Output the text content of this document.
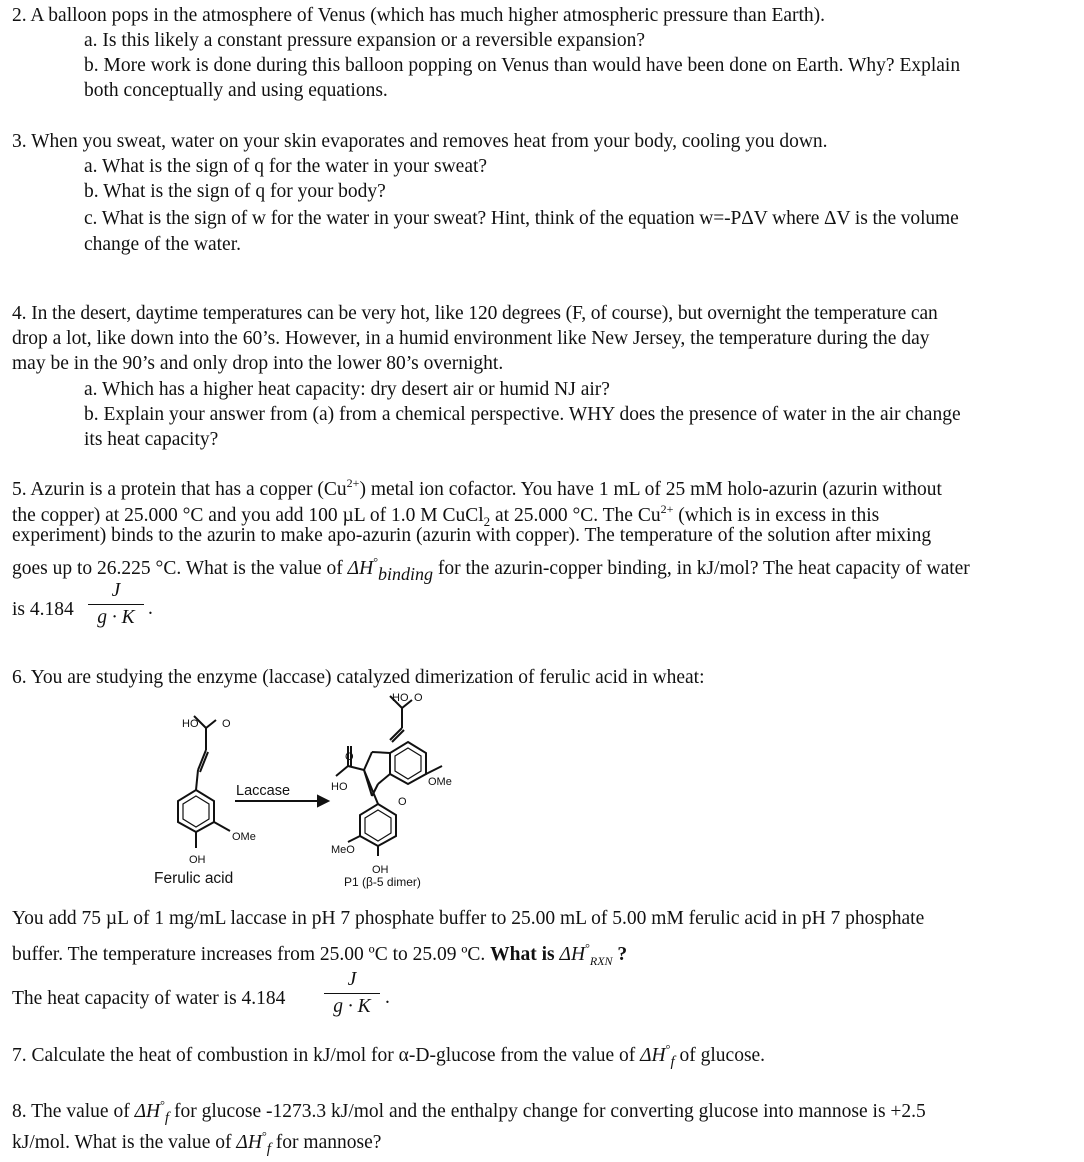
2. A balloon pops in the atmosphere of Venus (which has much higher atmospheric pressure than Earth).
a. Is this likely a constant pressure expansion or a reversible expansion?
b. More work is done during this balloon popping on Venus than would have been done on Earth. Why? Explain
both conceptually and using equations.
3. When you sweat, water on your skin evaporates and removes heat from your body, cooling you down.
a. What is the sign of q for the water in your sweat?
b. What is the sign of q for your body?
c. What is the sign of w for the water in your sweat? Hint, think of the equation w=-PΔV where ΔV is the volume
change of the water.
4. In the desert, daytime temperatures can be very hot, like 120 degrees (F, of course), but overnight the temperature can
drop a lot, like down into the 60’s. However, in a humid environment like New Jersey, the temperature during the day
may be in the 90’s and only drop into the lower 80’s overnight.
a. Which has a higher heat capacity: dry desert air or humid NJ air?
b. Explain your answer from (a) from a chemical perspective. WHY does the presence of water in the air change
its heat capacity?
5. Azurin is a protein that has a copper $(Cu^{2+})$ metal ion cofactor. You have 1 mL of 25 mM holo-azurin (azurin without
the copper) at 25.000 °C and you add 100 µL of 1.0 M CuCl$_2$ at 25.000 °C. The $Cu^{2+}$ (which is in excess in this
experiment) binds to the azurin to make apo-azurin (azurin with copper). The temperature of the solution after mixing
goes up to 26.225 °C. What is the value of ΔH°binding for the azurin-copper binding, in kJ/mol? The heat capacity of water
is 4.184
J
g · K .
6. You are studying the enzyme (laccase) catalyzed dimerization of ferulic acid in wheat:
HO O
OMe
OH
HO O
HO
O
OMe
O
MeO
OH
Laccase
Ferulic acid	P1 (β-5 dimer)
You add 75 µL of 1 mg/mL laccase in pH 7 phosphate buffer to 25.00 mL of 5.00 mM ferulic acid in pH 7 phosphate
buffer. The temperature increases from 25.00 ºC to 25.09 ºC. What is $\Delta H^\circ_{RXN}$ ?
The heat capacity of water is 4.184
J
g · K .
7. Calculate the heat of combustion in kJ/mol for α-D-glucose from the value of $\Delta H^\circ_f$ of glucose.
8. The value of $\Delta H^\circ_f$ for glucose -1273.3 kJ/mol and the enthalpy change for converting glucose into mannose is +2.5
kJ/mol. What is the value of $\Delta H^\circ_f$ for mannose?
